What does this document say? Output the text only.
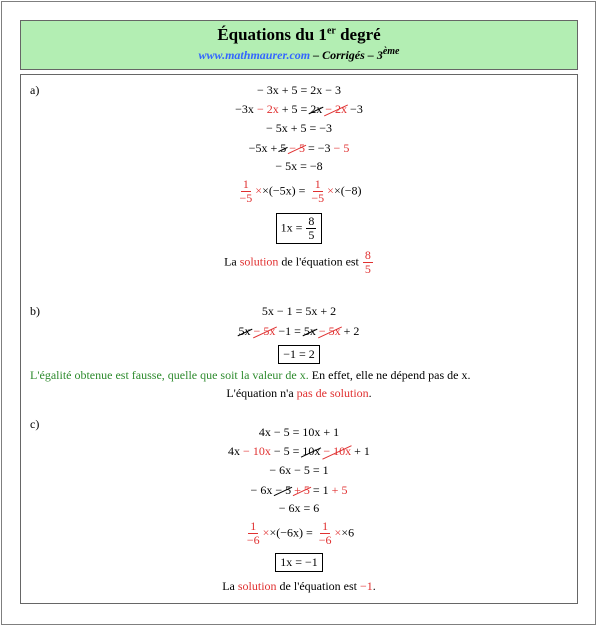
Équations du 1er degré
www.mathmaurer.com – Corrigés – 3ème
a)	− 3x + 5 = 2x − 3
−3x − 2x + 5 = 2x − 2x −3
− 5x + 5 = −3
−5x + 5 − 5 = −3 − 5
− 5x = −8
$\frac{1}{-5} \times\times(-5x) = \frac{1}{-5} \times\times(-8)$
$1x = \frac{8}{5}$
La solution de l'équation est $\frac{8}{5}$
b)	5x − 1 = 5x + 2
5x − 5x −1 = 5x − 5x + 2
−1 = 2
L'égalité obtenue est fausse, quelle que soit la valeur de x. En effet, elle ne dépend pas de x.
L'équation n'a pas de solution.
c)
4x − 5 = 10x + 1
4x − 10x − 5 = 10x − 10x + 1
− 6x − 5 = 1
− 6x − 5 + 5 = 1 + 5
− 6x = 6
$\frac{1}{-6} \times\times(-6x) = \frac{1}{-6} \times\times 6$
1x = −1
La solution de l'équation est −1.
